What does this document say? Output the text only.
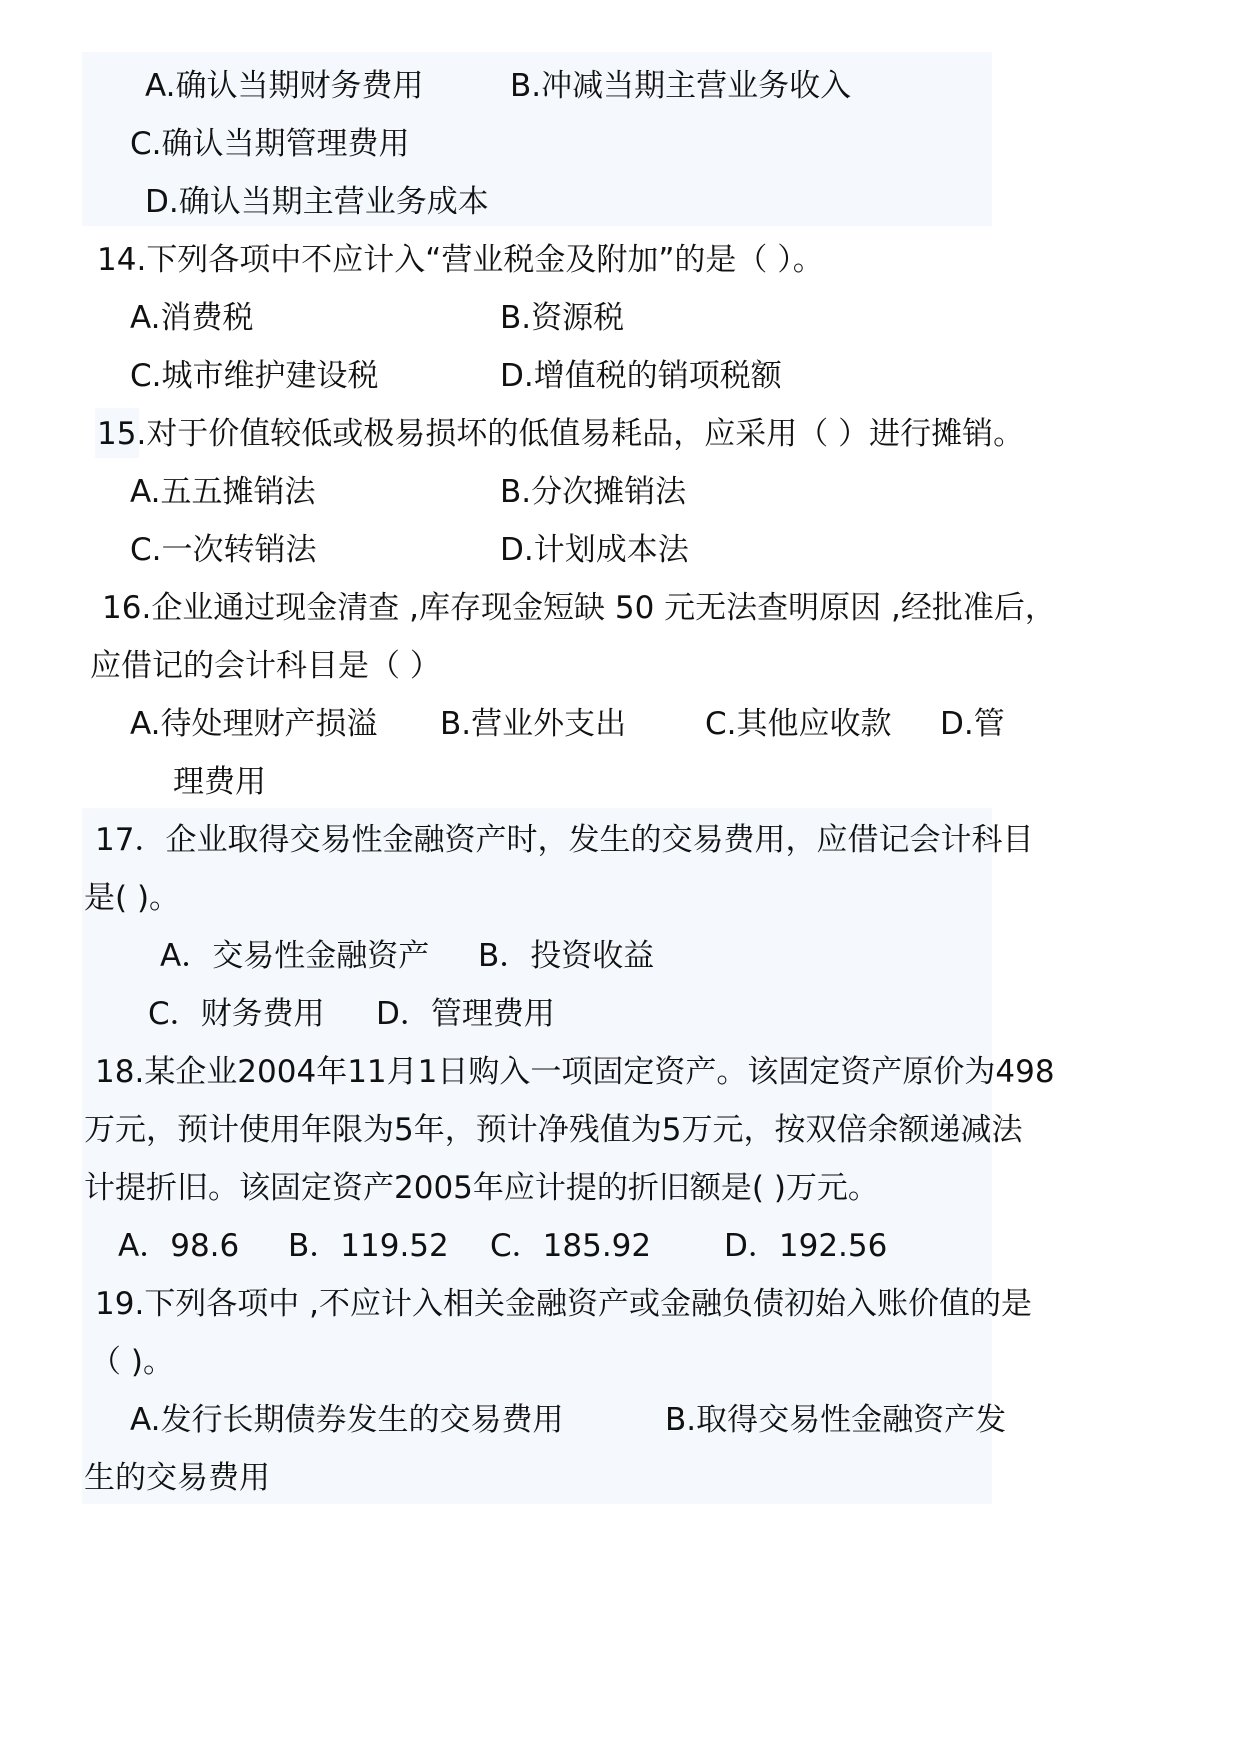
A.确认当期财务费用	B.冲减当期主营业务收入
C.确认当期管理费用
D.确认当期主营业务成本
14.下列各项中不应计入“营业税金及附加”的是（ ）。
A.消费税	B.资源税
C.城市维护建设税	D.增值税的销项税额
15.对于价值较低或极易损坏的低值易耗品，应采用（ ）进行摊销。
A.五五摊销法	B.分次摊销法
C.一次转销法	D.计划成本法
16.企业通过现金清查 ,库存现金短缺 50 元无法查明原因 ,经批准后，
应借记的会计科目是（ ）
A.待处理财产损溢 B.营业外支出	C.其他应收款 D.管
理费用
17．企业取得交易性金融资产时，发生的交易费用，应借记会计科目
是( )。
A．交易性金融资产 B．投资收益
C．财务费用 D．管理费用
18.某企业2004年11月1日购入一项固定资产。该固定资产原价为498
万元，预计使用年限为5年，预计净残值为5万元，按双倍余额递减法
计提折旧。该固定资产2005年应计提的折旧额是( )万元。
A．98.6 B．119.52 C．185.92 D．192.56
19.下列各项中 ,不应计入相关金融资产或金融负债初始入账价值的是
（ )。
A.发行长期债券发生的交易费用	B.取得交易性金融资产发
生的交易费用
